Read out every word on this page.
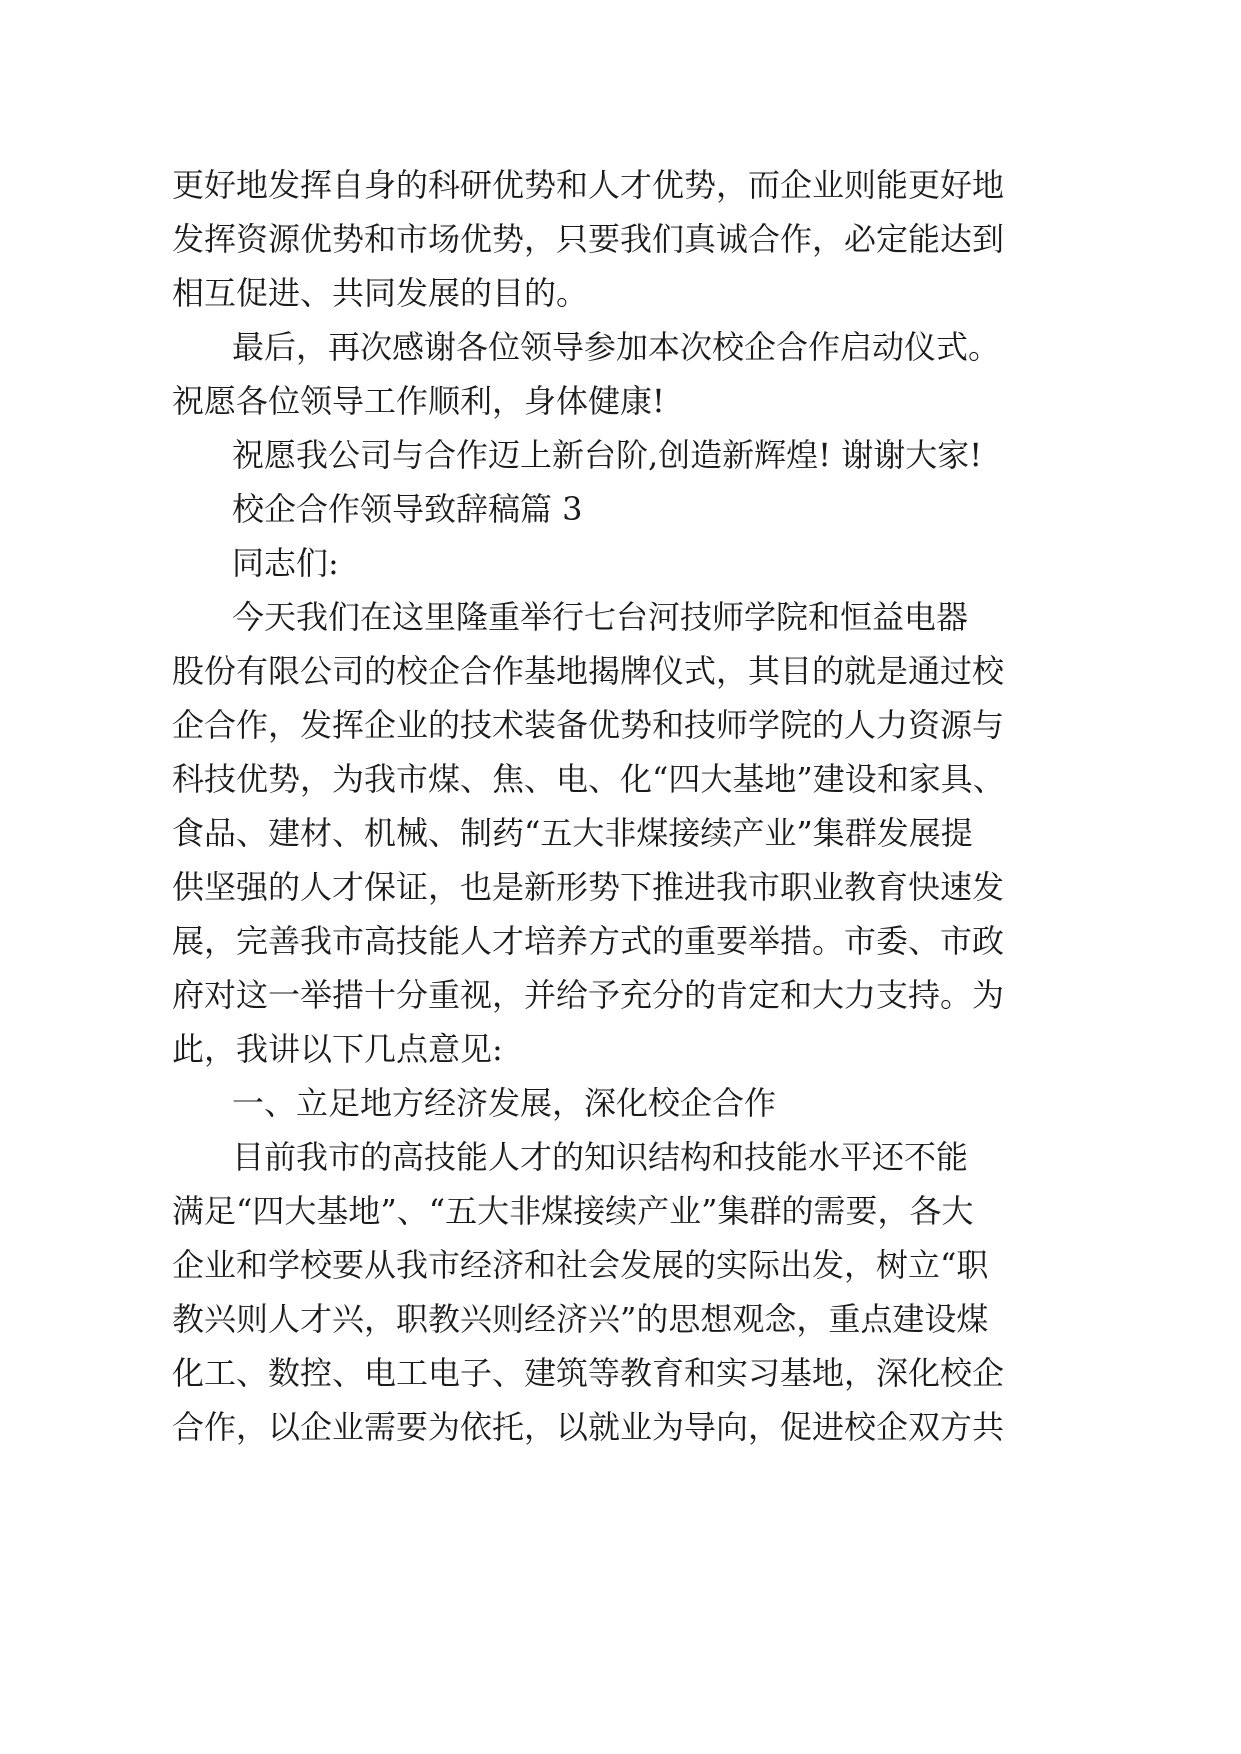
更好地发挥自身的科研优势和人才优势，而企业则能更好地
发挥资源优势和市场优势，只要我们真诚合作，必定能达到
相互促进、共同发展的目的。
最后，再次感谢各位领导参加本次校企合作启动仪式。
祝愿各位领导工作顺利，身体健康!
祝愿我公司与合作迈上新台阶,创造新辉煌! 谢谢大家!
校企合作领导致辞稿篇 3
同志们:
今天我们在这里隆重举行七台河技师学院和恒益电器
股份有限公司的校企合作基地揭牌仪式，其目的就是通过校
企合作，发挥企业的技术装备优势和技师学院的人力资源与
科技优势，为我市煤、焦、电、化“四大基地”建设和家具、
食品、建材、机械、制药“五大非煤接续产业”集群发展提
供坚强的人才保证，也是新形势下推进我市职业教育快速发
展，完善我市高技能人才培养方式的重要举措。市委、市政
府对这一举措十分重视，并给予充分的肯定和大力支持。为
此，我讲以下几点意见:
一、立足地方经济发展，深化校企合作
目前我市的高技能人才的知识结构和技能水平还不能
满足“四大基地”、“五大非煤接续产业”集群的需要，各大
企业和学校要从我市经济和社会发展的实际出发，树立“职
教兴则人才兴，职教兴则经济兴”的思想观念，重点建设煤
化工、数控、电工电子、建筑等教育和实习基地，深化校企
合作，以企业需要为依托，以就业为导向，促进校企双方共
